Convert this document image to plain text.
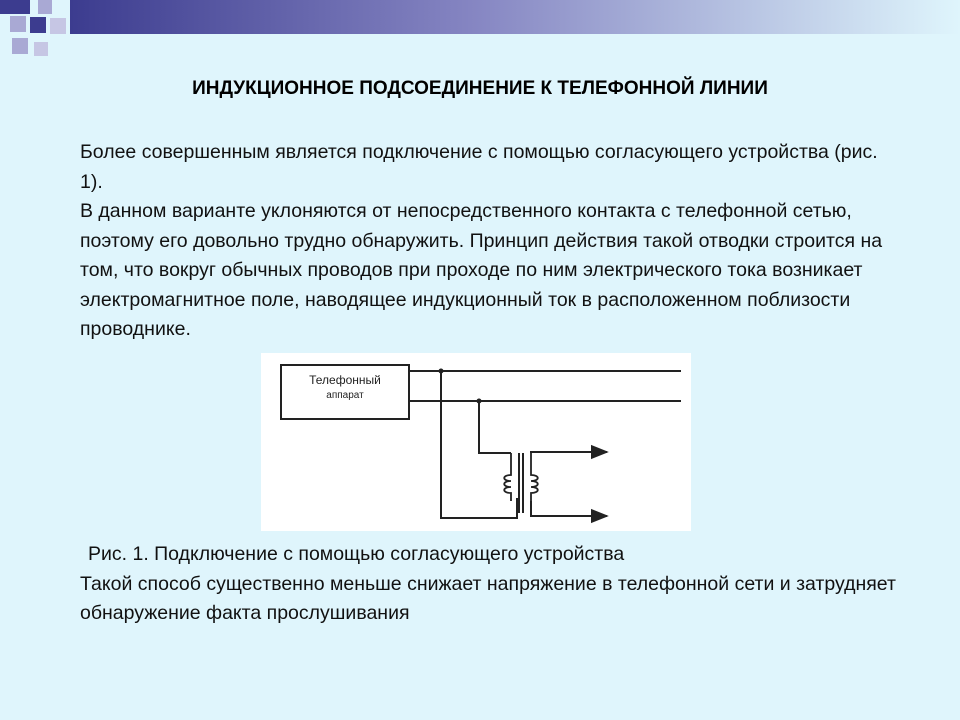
ИНДУКЦИОННОЕ ПОДСОЕДИНЕНИЕ К ТЕЛЕФОННОЙ ЛИНИИ

Более совершенным является подключение с помощью согласующего устройства (рис. 1).

В данном варианте уклоняются от непосредственного контакта с телефонной сетью, поэтому его довольно трудно обнаружить. Принцип действия такой отводки строится на том, что вокруг обычных проводов при проходе по ним электрического тока возникает электромагнитное поле, наводящее индукционный ток в расположенном поблизости проводнике.

Телефонный
аппарат

Рис. 1. Подключение с помощью согласующего устройства

Такой способ существенно меньше снижает напряжение в телефонной сети и затрудняет обнаружение факта прослушивания
